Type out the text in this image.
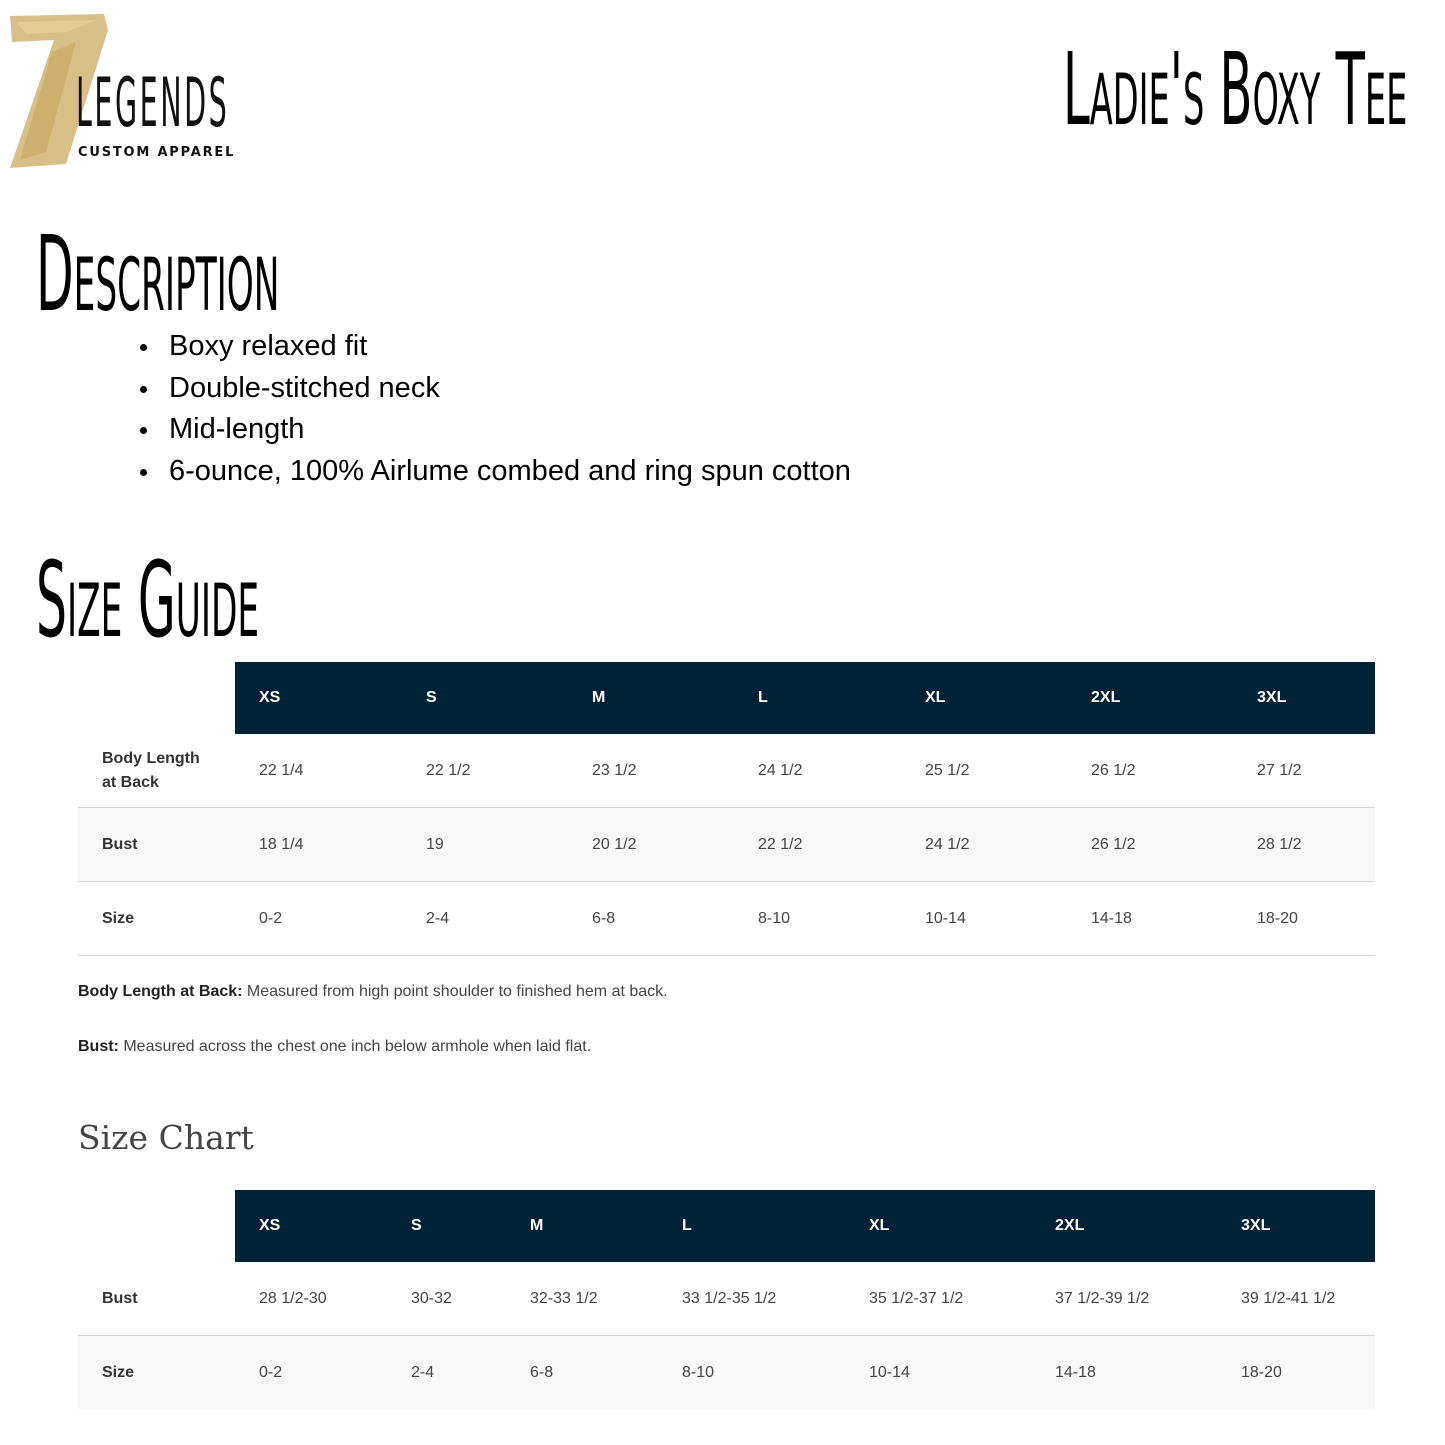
LEGENDS
CUSTOM APPAREL
Ladie's Boxy Tee
Description
Boxy relaxed fit
Double-stitched neck
Mid-length
6-ounce, 100% Airlume combed and ring spun cotton
Size Guide
	XS	S	M	L	XL	2XL	3XL
Body Length at Back	22 1/4	22 1/2	23 1/2	24 1/2	25 1/2	26 1/2	27 1/2
Bust	18 1/4	19	20 1/2	22 1/2	24 1/2	26 1/2	28 1/2
Size	0-2	2-4	6-8	8-10	10-14	14-18	18-20
Body Length at Back: Measured from high point shoulder to finished hem at back.
Bust: Measured across the chest one inch below armhole when laid flat.
Size Chart
	XS	S	M	L	XL	2XL	3XL
Bust	28 1/2-30	30-32	32-33 1/2	33 1/2-35 1/2	35 1/2-37 1/2	37 1/2-39 1/2	39 1/2-41 1/2
Size	0-2	2-4	6-8	8-10	10-14	14-18	18-20
